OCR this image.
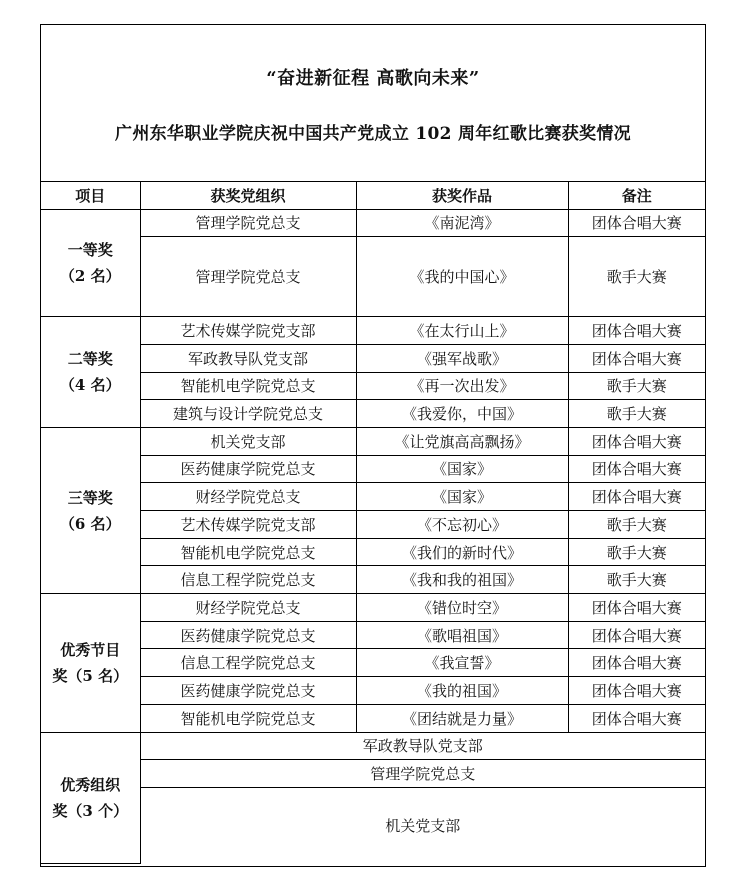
“奋进新征程 高歌向未来”
广州东华职业学院庆祝中国共产党成立 102 周年红歌比赛获奖情况
项目	获奖党组织	获奖作品	备注

一等奖
（2 名）	管理学院党总支	《南泥湾》	团体合唱大赛
	管理学院党总支	《我的中国心》	歌手大赛

二等奖
（4 名）	艺术传媒学院党支部	《在太行山上》	团体合唱大赛
	军政教导队党支部	《强军战歌》	团体合唱大赛
	智能机电学院党总支	《再一次出发》	歌手大赛
	建筑与设计学院党总支	《我爱你，中国》	歌手大赛

三等奖
（6 名）	机关党支部	《让党旗高高飘扬》	团体合唱大赛
	医药健康学院党总支	《国家》	团体合唱大赛
	财经学院党总支	《国家》	团体合唱大赛
	艺术传媒学院党支部	《不忘初心》	歌手大赛
	智能机电学院党总支	《我们的新时代》	歌手大赛
	信息工程学院党总支	《我和我的祖国》	歌手大赛

优秀节目
奖（5 名）	财经学院党总支	《错位时空》	团体合唱大赛
	医药健康学院党总支	《歌唱祖国》	团体合唱大赛
	信息工程学院党总支	《我宣誓》	团体合唱大赛
	医药健康学院党总支	《我的祖国》	团体合唱大赛
	智能机电学院党总支	《团结就是力量》	团体合唱大赛

优秀组织
奖（3 个）	军政教导队党支部		
	管理学院党总支		
	机关党支部		
